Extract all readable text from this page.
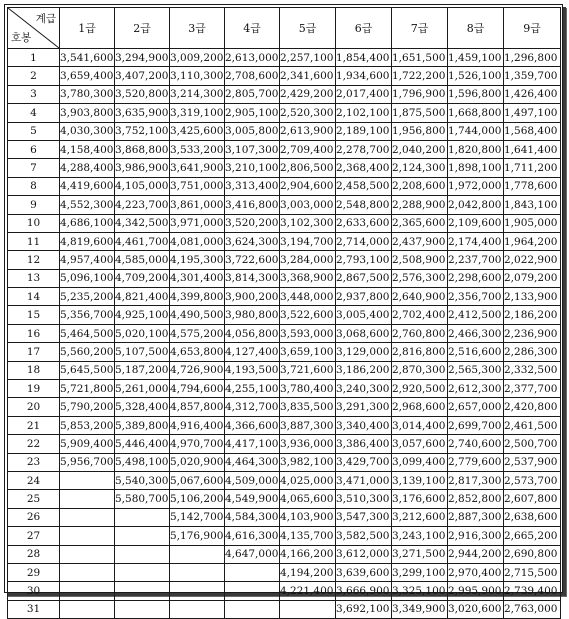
계급
호봉	1급	2급	3급	4급	5급	6급	7급	8급	9급
1	3,541,600	3,294,900	3,009,200	2,613,000	2,257,100	1,854,400	1,651,500	1,459,100	1,296,800
2	3,659,400	3,407,200	3,110,300	2,708,600	2,341,600	1,934,600	1,722,200	1,526,100	1,359,700
3	3,780,300	3,520,800	3,214,300	2,805,700	2,429,200	2,017,400	1,796,900	1,596,800	1,426,400
4	3,903,800	3,635,900	3,319,100	2,905,100	2,520,300	2,102,100	1,875,500	1,668,800	1,497,100
5	4,030,300	3,752,100	3,425,600	3,005,800	2,613,900	2,189,100	1,956,800	1,744,000	1,568,400
6	4,158,400	3,868,800	3,533,200	3,107,300	2,709,400	2,278,700	2,040,200	1,820,800	1,641,400
7	4,288,400	3,986,900	3,641,900	3,210,100	2,806,500	2,368,400	2,124,300	1,898,100	1,711,200
8	4,419,600	4,105,000	3,751,000	3,313,400	2,904,600	2,458,500	2,208,600	1,972,000	1,778,600
9	4,552,300	4,223,700	3,861,000	3,416,800	3,003,000	2,548,800	2,288,900	2,042,800	1,843,100
10	4,686,100	4,342,500	3,971,000	3,520,200	3,102,300	2,633,600	2,365,600	2,109,600	1,905,000
11	4,819,600	4,461,700	4,081,000	3,624,300	3,194,700	2,714,000	2,437,900	2,174,400	1,964,200
12	4,957,400	4,585,000	4,195,300	3,722,600	3,284,000	2,793,100	2,508,900	2,237,700	2,022,900
13	5,096,100	4,709,200	4,301,400	3,814,300	3,368,900	2,867,500	2,576,300	2,298,600	2,079,200
14	5,235,200	4,821,400	4,399,800	3,900,200	3,448,000	2,937,800	2,640,900	2,356,700	2,133,900
15	5,356,700	4,925,100	4,490,500	3,980,800	3,522,600	3,005,400	2,702,400	2,412,500	2,186,200
16	5,464,500	5,020,100	4,575,200	4,056,800	3,593,000	3,068,600	2,760,800	2,466,300	2,236,900
17	5,560,200	5,107,500	4,653,800	4,127,400	3,659,100	3,129,000	2,816,800	2,516,600	2,286,300
18	5,645,500	5,187,200	4,726,900	4,193,500	3,721,600	3,186,200	2,870,300	2,565,300	2,332,500
19	5,721,800	5,261,000	4,794,600	4,255,100	3,780,400	3,240,300	2,920,500	2,612,300	2,377,700
20	5,790,200	5,328,400	4,857,800	4,312,700	3,835,500	3,291,300	2,968,600	2,657,000	2,420,800
21	5,853,200	5,389,800	4,916,400	4,366,600	3,887,300	3,340,400	3,014,400	2,699,700	2,461,500
22	5,909,400	5,446,400	4,970,700	4,417,100	3,936,000	3,386,400	3,057,600	2,740,600	2,500,700
23	5,956,700	5,498,100	5,020,900	4,464,300	3,982,100	3,429,700	3,099,400	2,779,600	2,537,900
24		5,540,300	5,067,600	4,509,000	4,025,000	3,471,000	3,139,100	2,817,300	2,573,700
25		5,580,700	5,106,200	4,549,900	4,065,600	3,510,300	3,176,600	2,852,800	2,607,800
26			5,142,700	4,584,300	4,103,900	3,547,300	3,212,600	2,887,300	2,638,600
27			5,176,900	4,616,300	4,135,700	3,582,500	3,243,100	2,916,300	2,665,200
28				4,647,000	4,166,200	3,612,000	3,271,500	2,944,200	2,690,800
29					4,194,200	3,639,600	3,299,100	2,970,400	2,715,500
30					4,221,400	3,666,900	3,325,100	2,995,900	2,739,400
31						3,692,100	3,349,900	3,020,600	2,763,000
